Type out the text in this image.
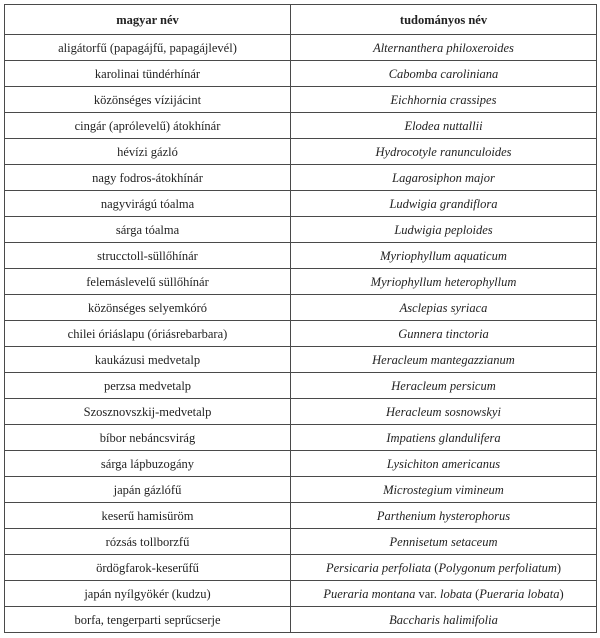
magyar név	tudományos név
aligátorfű (papagájfű, papagájlevél)	Alternanthera philoxeroides
karolinai tündérhínár	Cabomba caroliniana
közönséges vízijácint	Eichhornia crassipes
cingár (aprólevelű) átokhínár	Elodea nuttallii
hévízi gázló	Hydrocotyle ranunculoides
nagy fodros-átokhínár	Lagarosiphon major
nagyvirágú tóalma	Ludwigia grandiflora
sárga tóalma	Ludwigia peploides
strucctoll-süllőhínár	Myriophyllum aquaticum
felemáslevelű süllőhínár	Myriophyllum heterophyllum
közönséges selyemkóró	Asclepias syriaca
chilei óriáslapu (óriásrebarbara)	Gunnera tinctoria
kaukázusi medvetalp	Heracleum mantegazzianum
perzsa medvetalp	Heracleum persicum
Szosznovszkij-medvetalp	Heracleum sosnowskyi
bíbor nebáncsvirág	Impatiens glandulifera
sárga lápbuzogány	Lysichiton americanus
japán gázlófű	Microstegium vimineum
keserű hamisüröm	Parthenium hysterophorus
rózsás tollborzfű	Pennisetum setaceum
ördögfarok-keserűfű	Persicaria perfoliata (Polygonum perfoliatum)
japán nyílgyökér (kudzu)	Pueraria montana var. lobata (Pueraria lobata)
borfa, tengerparti seprűcserje	Baccharis halimifolia
